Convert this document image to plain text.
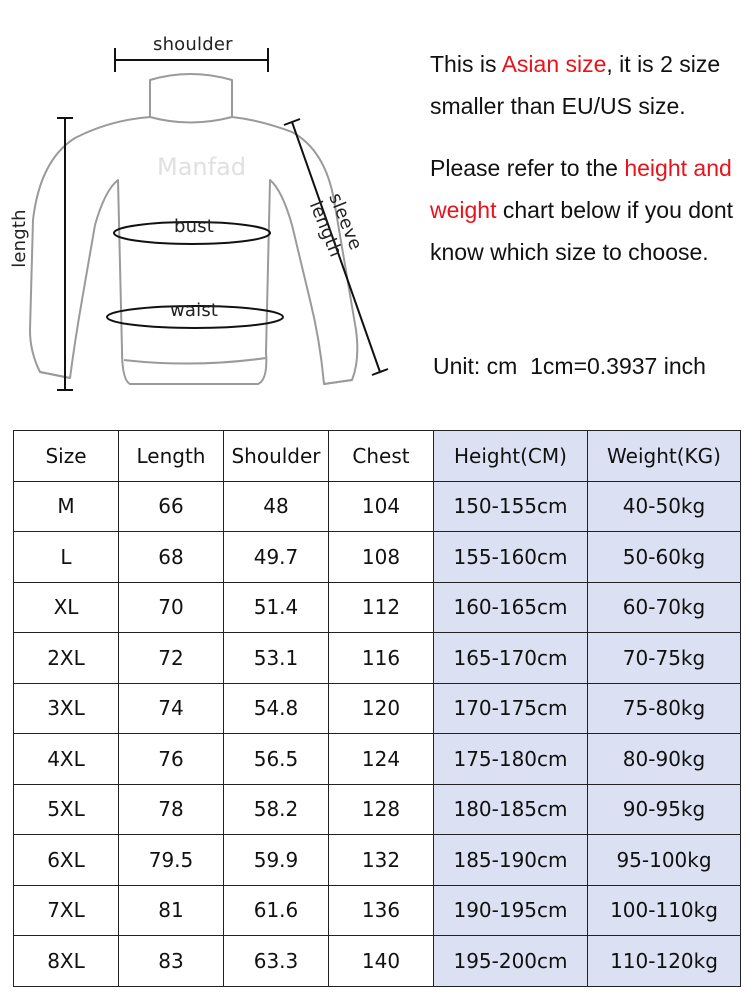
Manfad
shoulder
bust
waist
length	sleeve length
This is Asian size, it is 2 size smaller than EU/US size.
Please refer to the height and weight chart below if you dont know which size to choose.
Unit: cm  1cm=0.3937 inch
Size	Length	Shoulder	Chest	Height(CM)	Weight(KG)
M	66	48	104	150-155cm	40-50kg
L	68	49.7	108	155-160cm	50-60kg
XL	70	51.4	112	160-165cm	60-70kg
2XL	72	53.1	116	165-170cm	70-75kg
3XL	74	54.8	120	170-175cm	75-80kg
4XL	76	56.5	124	175-180cm	80-90kg
5XL	78	58.2	128	180-185cm	90-95kg
6XL	79.5	59.9	132	185-190cm	95-100kg
7XL	81	61.6	136	190-195cm	100-110kg
8XL	83	63.3	140	195-200cm	110-120kg
